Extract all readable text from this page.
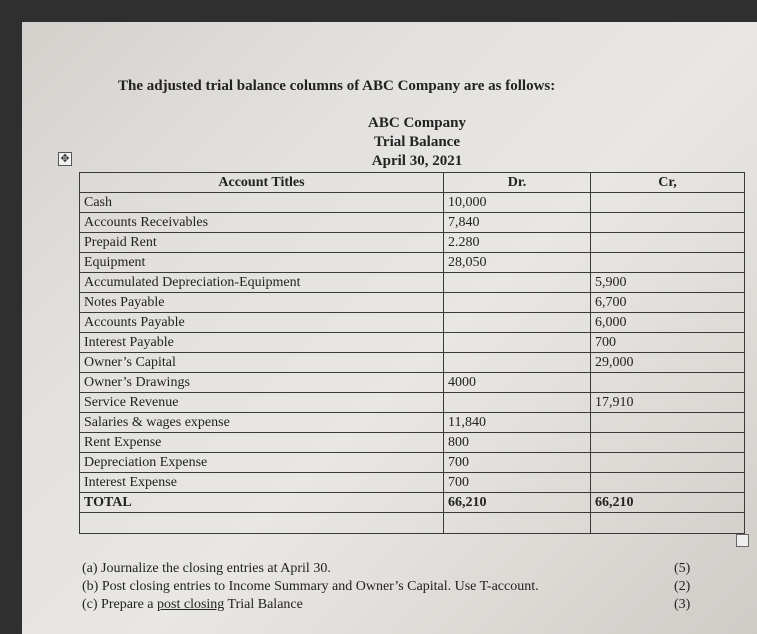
The adjusted trial balance columns of ABC Company are as follows:
ABC Company
Trial Balance
April 30, 2021
✥
Account Titles	Dr.	Cr,
Cash	10,000	
Accounts Receivables	7,840	
Prepaid Rent	2.280	
Equipment	28,050	
Accumulated Depreciation-Equipment		5,900
Notes Payable		6,700
Accounts Payable		6,000
Interest Payable		700
Owner’s Capital		29,000
Owner’s Drawings	4000	
Service Revenue		17,910
Salaries & wages expense	11,840	
Rent Expense	800	
Depreciation Expense	700	
Interest Expense	700	
TOTAL	66,210	66,210

(a) Journalize the closing entries at April 30.
(b) Post closing entries to Income Summary and Owner’s Capital. Use T-account.
(c) Prepare a post closing Trial Balance
(5)
(2)
(3)
